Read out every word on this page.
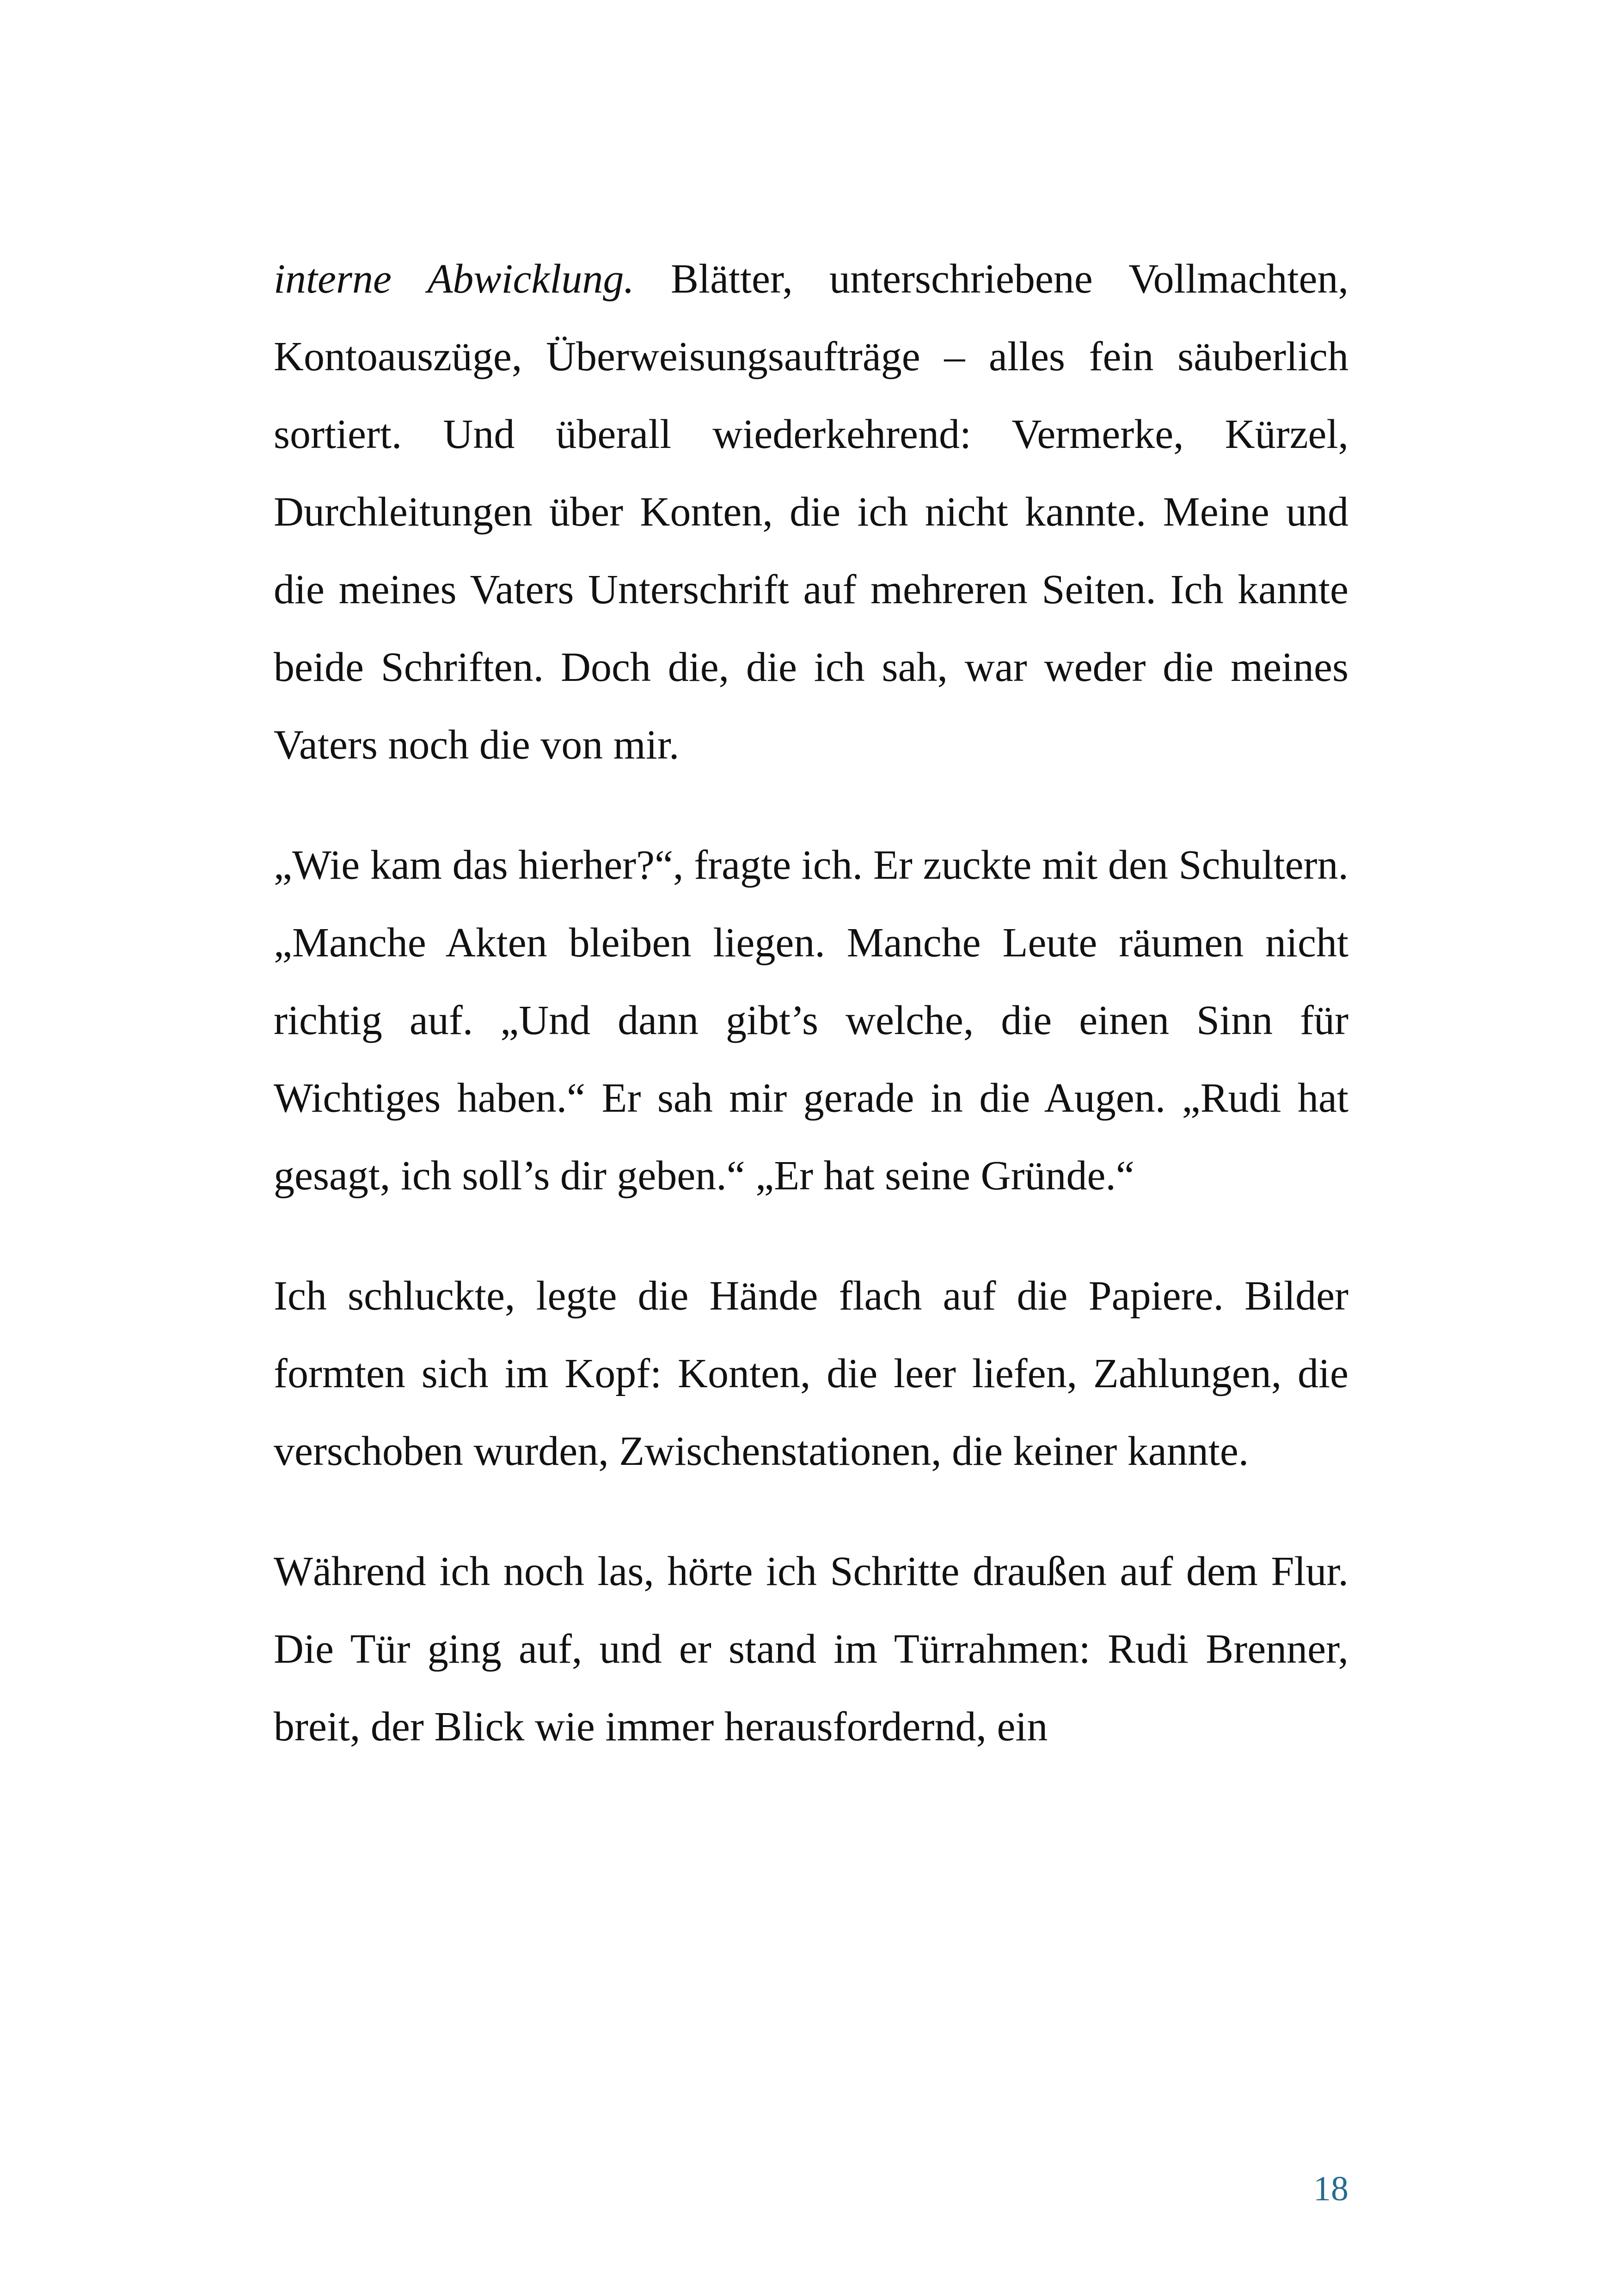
interne Abwicklung. Blätter, unterschriebene Vollmachten, Kontoauszüge, Überweisungsaufträge – alles fein säuberlich sortiert. Und überall wiederkehrend: Vermerke, Kürzel, Durchleitungen über Konten, die ich nicht kannte. Meine und die meines Vaters Unterschrift auf mehreren Seiten. Ich kannte beide Schriften. Doch die, die ich sah, war weder die meines Vaters noch die von mir.

„Wie kam das hierher?“, fragte ich. Er zuckte mit den Schultern. „Manche Akten bleiben liegen. Manche Leute räumen nicht richtig auf. „Und dann gibt’s welche, die einen Sinn für Wichtiges haben.“ Er sah mir gerade in die Augen. „Rudi hat gesagt, ich soll’s dir geben.“ „Er hat seine Gründe.“

Ich schluckte, legte die Hände flach auf die Papiere. Bilder formten sich im Kopf: Konten, die leer liefen, Zahlungen, die verschoben wurden, Zwischenstationen, die keiner kannte.

Während ich noch las, hörte ich Schritte draußen auf dem Flur. Die Tür ging auf, und er stand im Türrahmen: Rudi Brenner, breit, der Blick wie immer herausfordernd, ein

18
